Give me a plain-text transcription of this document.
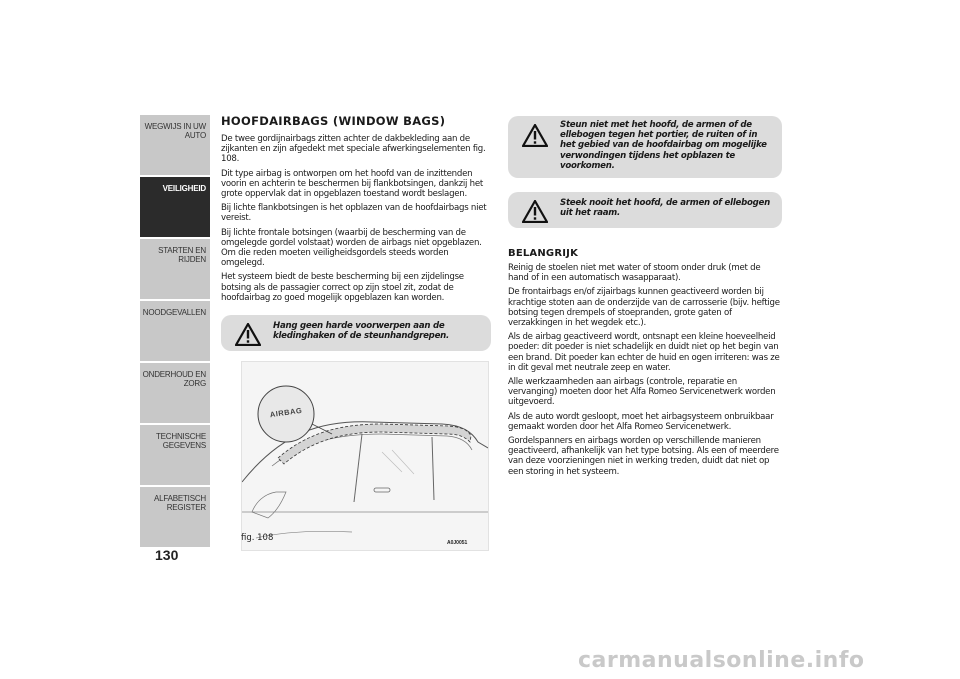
WEGWIJS IN UW
AUTO
VEILIGHEID
STARTEN EN RIJDEN
NOODGEVALLEN
ONDERHOUD EN
ZORG
TECHNISCHE
GEGEVENS
ALFABETISCH
REGISTER
130
HOOFDAIRBAGS (WINDOW BAGS)

De twee gordijnairbags zitten achter de dakbekleding aan de zijkanten en zijn afgedekt met speciale afwerkingselementen fig. 108.

Dit type airbag is ontworpen om het hoofd van de inzittenden voorin en achterin te beschermen bij flankbotsingen, dankzij het grote oppervlak dat in opgeblazen toestand wordt beslagen.

Bij lichte flankbotsingen is het opblazen van de hoofdairbags niet vereist.

Bij lichte frontale botsingen (waarbij de bescherming van de omgelegde gordel volstaat) worden de airbags niet opgeblazen. Om die reden moeten veiligheidsgordels steeds worden omgelegd.

Het systeem biedt de beste bescherming bij een zijdelingse botsing als de passagier correct op zijn stoel zit, zodat de hoofdairbag zo goed mogelijk opgeblazen kan worden.

Hang geen harde voorwerpen aan de kledinghaken of de steunhandgrepen.
AIRBAG
fig. 108	A0J0051
Steun niet met het hoofd, de armen of de ellebogen tegen het portier, de ruiten of in het gebied van de hoofdairbag om mogelijke verwondingen tijdens het opblazen te voorkomen.
Steek nooit het hoofd, de armen of ellebogen uit het raam.
BELANGRIJK

Reinig de stoelen niet met water of stoom onder druk (met de hand of in een automatisch wasapparaat).

De frontairbags en/of zijairbags kunnen geactiveerd worden bij krachtige stoten aan de onderzijde van de carrosserie (bijv. heftige botsing tegen drempels of stoepranden, grote gaten of verzakkingen in het wegdek etc.).

Als de airbag geactiveerd wordt, ontsnapt een kleine hoeveelheid poeder: dit poeder is niet schadelijk en duidt niet op het begin van een brand. Dit poeder kan echter de huid en ogen irriteren: was ze in dit geval met neutrale zeep en water.

Alle werkzaamheden aan airbags (controle, reparatie en vervanging) moeten door het Alfa Romeo Servicenetwerk worden uitgevoerd.

Als de auto wordt gesloopt, moet het airbagsysteem onbruikbaar gemaakt worden door het Alfa Romeo Servicenetwerk.

Gordelspanners en airbags worden op verschillende manieren geactiveerd, afhankelijk van het type botsing. Als een of meerdere van deze voorzieningen niet in werking treden, duidt dat niet op een storing in het systeem.

carmanualsonline.info
